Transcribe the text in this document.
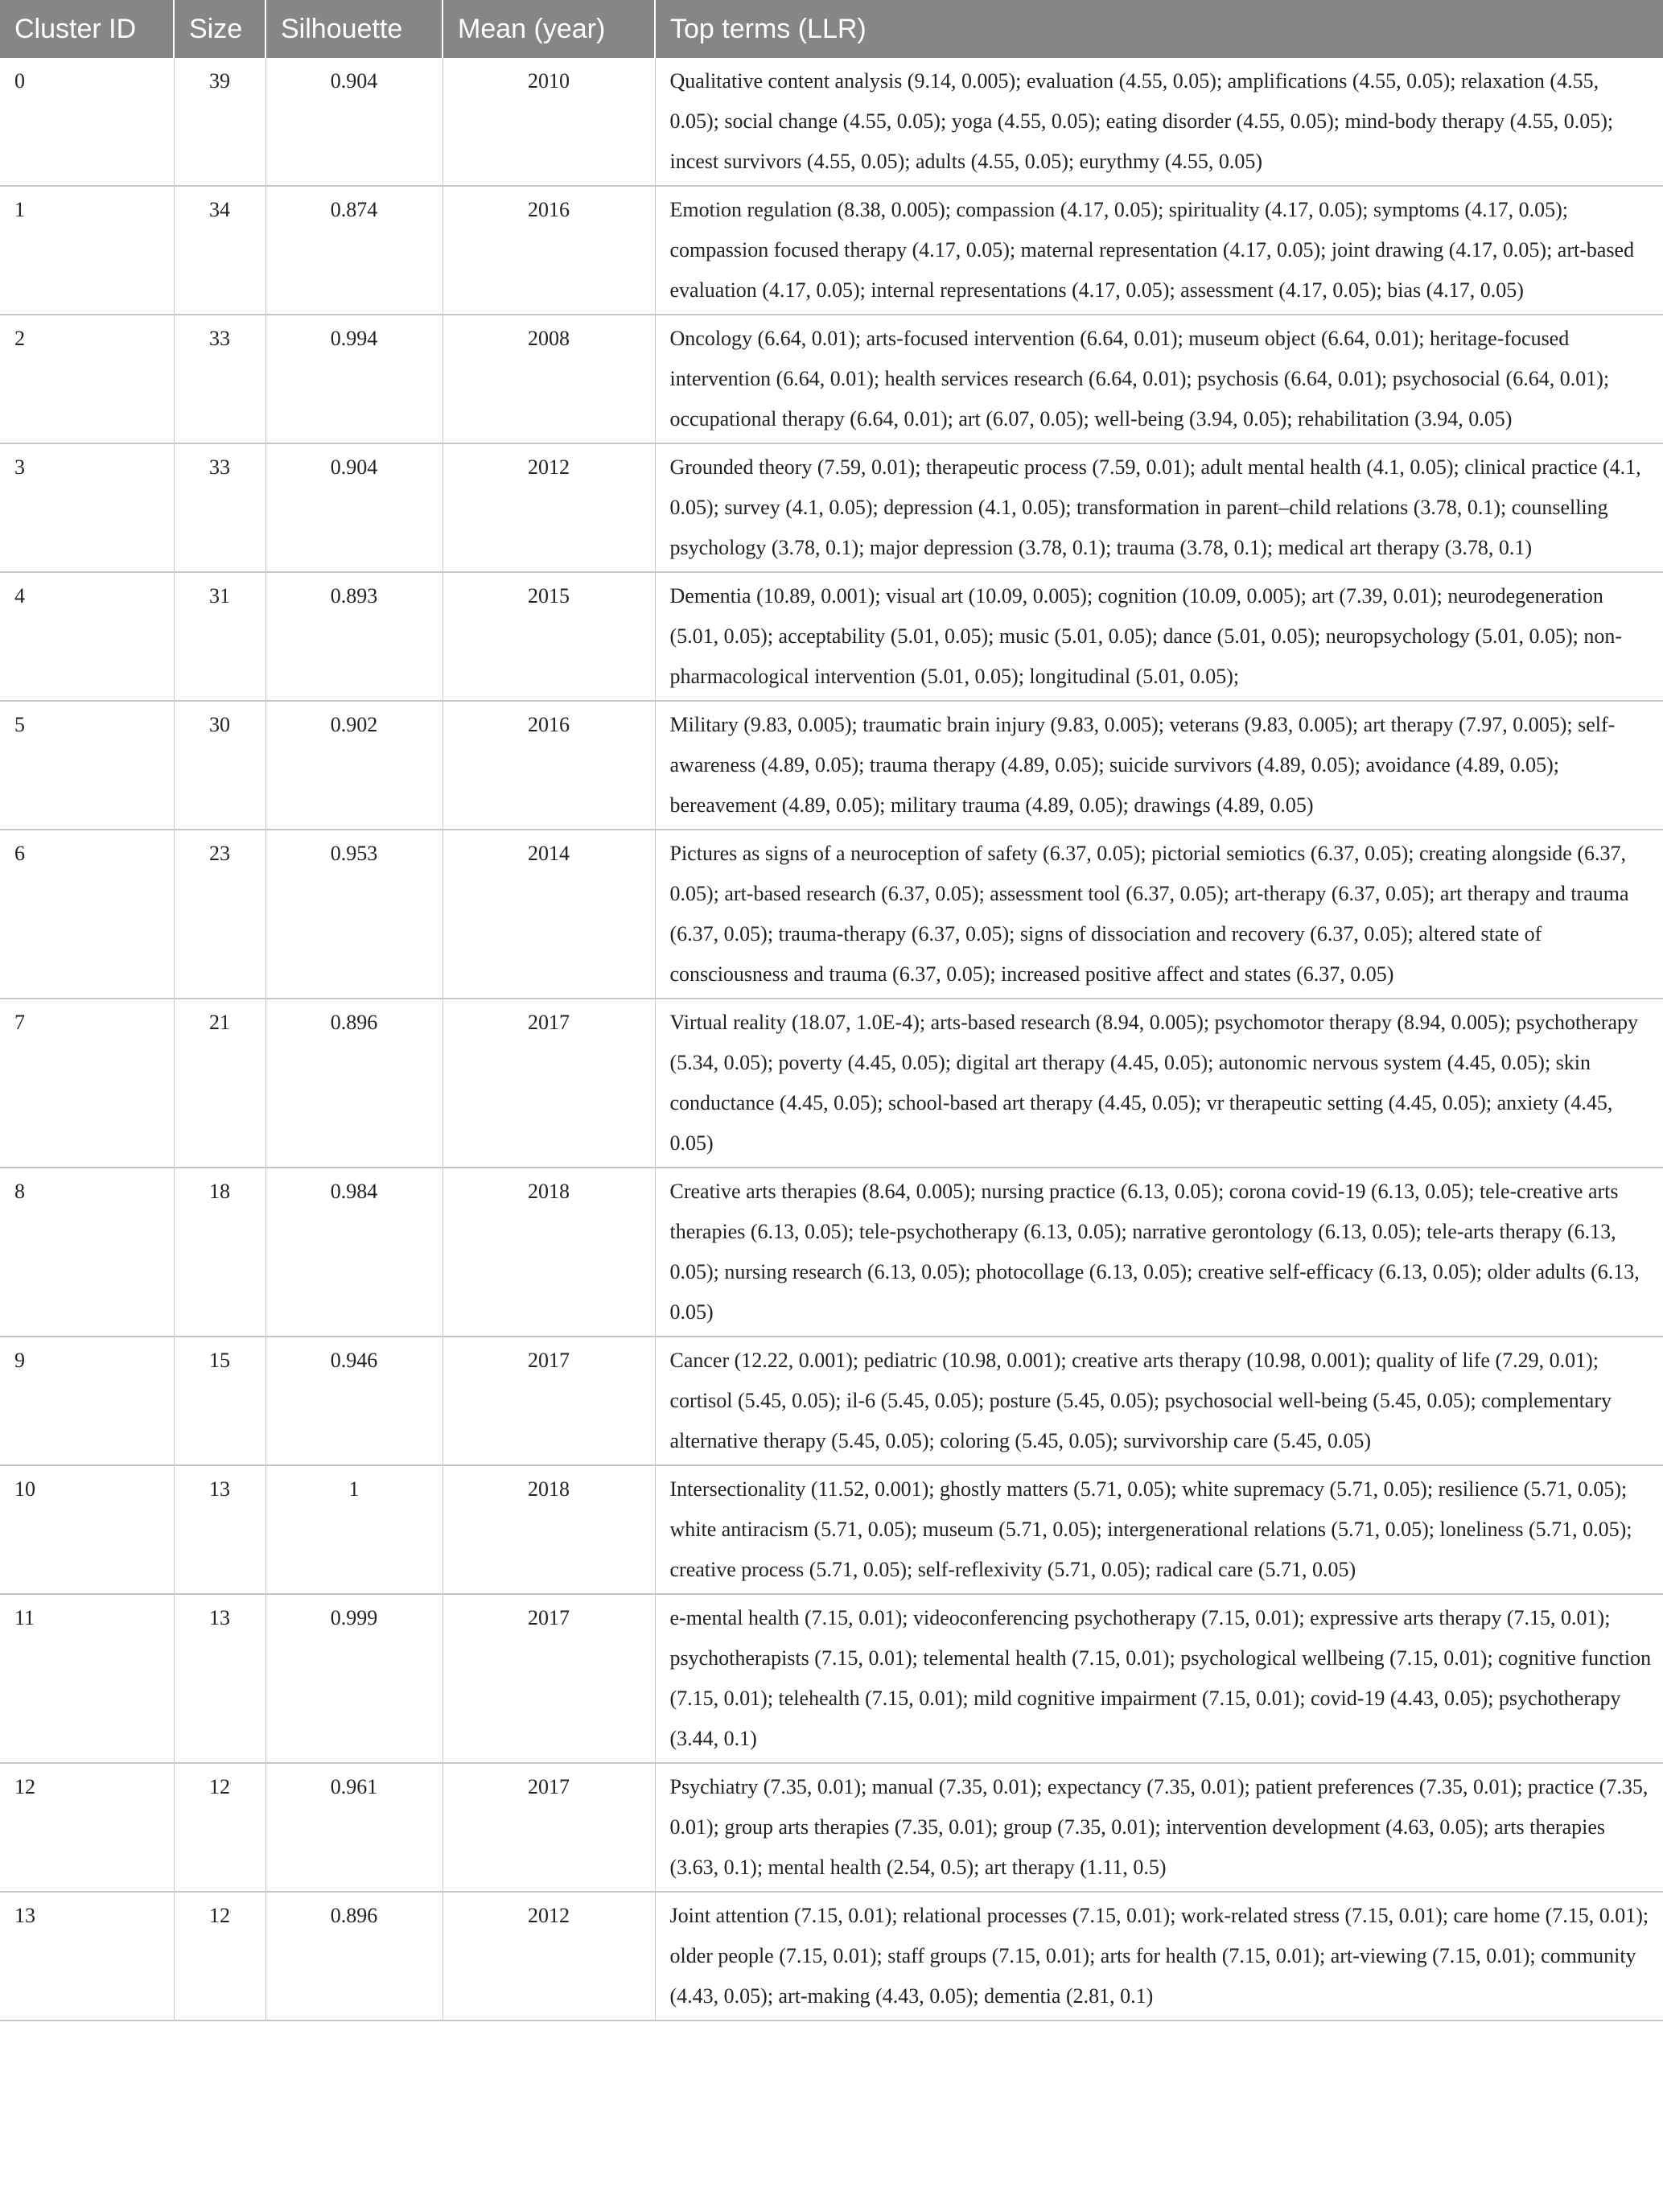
Cluster ID	Size	Silhouette	Mean (year)	Top terms (LLR)
0	39	0.904	2010	Qualitative content analysis (9.14, 0.005); evaluation (4.55, 0.05); amplifications (4.55, 0.05); relaxation (4.55, 0.05); social change (4.55, 0.05); yoga (4.55, 0.05); eating disorder (4.55, 0.05); mind-body therapy (4.55, 0.05); incest survivors (4.55, 0.05); adults (4.55, 0.05); eurythmy (4.55, 0.05)
1	34	0.874	2016	Emotion regulation (8.38, 0.005); compassion (4.17, 0.05); spirituality (4.17, 0.05); symptoms (4.17, 0.05); compassion focused therapy (4.17, 0.05); maternal representation (4.17, 0.05); joint drawing (4.17, 0.05); art-based evaluation (4.17, 0.05); internal representations (4.17, 0.05); assessment (4.17, 0.05); bias (4.17, 0.05)
2	33	0.994	2008	Oncology (6.64, 0.01); arts-focused intervention (6.64, 0.01); museum object (6.64, 0.01); heritage-focused intervention (6.64, 0.01); health services research (6.64, 0.01); psychosis (6.64, 0.01); psychosocial (6.64, 0.01); occupational therapy (6.64, 0.01); art (6.07, 0.05); well-being (3.94, 0.05); rehabilitation (3.94, 0.05)
3	33	0.904	2012	Grounded theory (7.59, 0.01); therapeutic process (7.59, 0.01); adult mental health (4.1, 0.05); clinical practice (4.1, 0.05); survey (4.1, 0.05); depression (4.1, 0.05); transformation in parent–child relations (3.78, 0.1); counselling psychology (3.78, 0.1); major depression (3.78, 0.1); trauma (3.78, 0.1); medical art therapy (3.78, 0.1)
4	31	0.893	2015	Dementia (10.89, 0.001); visual art (10.09, 0.005); cognition (10.09, 0.005); art (7.39, 0.01); neurodegeneration (5.01, 0.05); acceptability (5.01, 0.05); music (5.01, 0.05); dance (5.01, 0.05); neuropsychology (5.01, 0.05); non-pharmacological intervention (5.01, 0.05); longitudinal (5.01, 0.05);
5	30	0.902	2016	Military (9.83, 0.005); traumatic brain injury (9.83, 0.005); veterans (9.83, 0.005); art therapy (7.97, 0.005); self-awareness (4.89, 0.05); trauma therapy (4.89, 0.05); suicide survivors (4.89, 0.05); avoidance (4.89, 0.05); bereavement (4.89, 0.05); military trauma (4.89, 0.05); drawings (4.89, 0.05)
6	23	0.953	2014	Pictures as signs of a neuroception of safety (6.37, 0.05); pictorial semiotics (6.37, 0.05); creating alongside (6.37, 0.05); art-based research (6.37, 0.05); assessment tool (6.37, 0.05); art-therapy (6.37, 0.05); art therapy and trauma (6.37, 0.05); trauma-therapy (6.37, 0.05); signs of dissociation and recovery (6.37, 0.05); altered state of consciousness and trauma (6.37, 0.05); increased positive affect and states (6.37, 0.05)
7	21	0.896	2017	Virtual reality (18.07, 1.0E-4); arts-based research (8.94, 0.005); psychomotor therapy (8.94, 0.005); psychotherapy (5.34, 0.05); poverty (4.45, 0.05); digital art therapy (4.45, 0.05); autonomic nervous system (4.45, 0.05); skin conductance (4.45, 0.05); school-based art therapy (4.45, 0.05); vr therapeutic setting (4.45, 0.05); anxiety (4.45, 0.05)
8	18	0.984	2018	Creative arts therapies (8.64, 0.005); nursing practice (6.13, 0.05); corona covid-19 (6.13, 0.05); tele-creative arts therapies (6.13, 0.05); tele-psychotherapy (6.13, 0.05); narrative gerontology (6.13, 0.05); tele-arts therapy (6.13, 0.05); nursing research (6.13, 0.05); photocollage (6.13, 0.05); creative self-efficacy (6.13, 0.05); older adults (6.13, 0.05)
9	15	0.946	2017	Cancer (12.22, 0.001); pediatric (10.98, 0.001); creative arts therapy (10.98, 0.001); quality of life (7.29, 0.01); cortisol (5.45, 0.05); il-6 (5.45, 0.05); posture (5.45, 0.05); psychosocial well-being (5.45, 0.05); complementary alternative therapy (5.45, 0.05); coloring (5.45, 0.05); survivorship care (5.45, 0.05)
10	13	1	2018	Intersectionality (11.52, 0.001); ghostly matters (5.71, 0.05); white supremacy (5.71, 0.05); resilience (5.71, 0.05); white antiracism (5.71, 0.05); museum (5.71, 0.05); intergenerational relations (5.71, 0.05); loneliness (5.71, 0.05); creative process (5.71, 0.05); self-reflexivity (5.71, 0.05); radical care (5.71, 0.05)
11	13	0.999	2017	e-mental health (7.15, 0.01); videoconferencing psychotherapy (7.15, 0.01); expressive arts therapy (7.15, 0.01); psychotherapists (7.15, 0.01); telemental health (7.15, 0.01); psychological wellbeing (7.15, 0.01); cognitive function (7.15, 0.01); telehealth (7.15, 0.01); mild cognitive impairment (7.15, 0.01); covid-19 (4.43, 0.05); psychotherapy (3.44, 0.1)
12	12	0.961	2017	Psychiatry (7.35, 0.01); manual (7.35, 0.01); expectancy (7.35, 0.01); patient preferences (7.35, 0.01); practice (7.35, 0.01); group arts therapies (7.35, 0.01); group (7.35, 0.01); intervention development (4.63, 0.05); arts therapies (3.63, 0.1); mental health (2.54, 0.5); art therapy (1.11, 0.5)
13	12	0.896	2012	Joint attention (7.15, 0.01); relational processes (7.15, 0.01); work-related stress (7.15, 0.01); care home (7.15, 0.01); older people (7.15, 0.01); staff groups (7.15, 0.01); arts for health (7.15, 0.01); art-viewing (7.15, 0.01); community (4.43, 0.05); art-making (4.43, 0.05); dementia (2.81, 0.1)
